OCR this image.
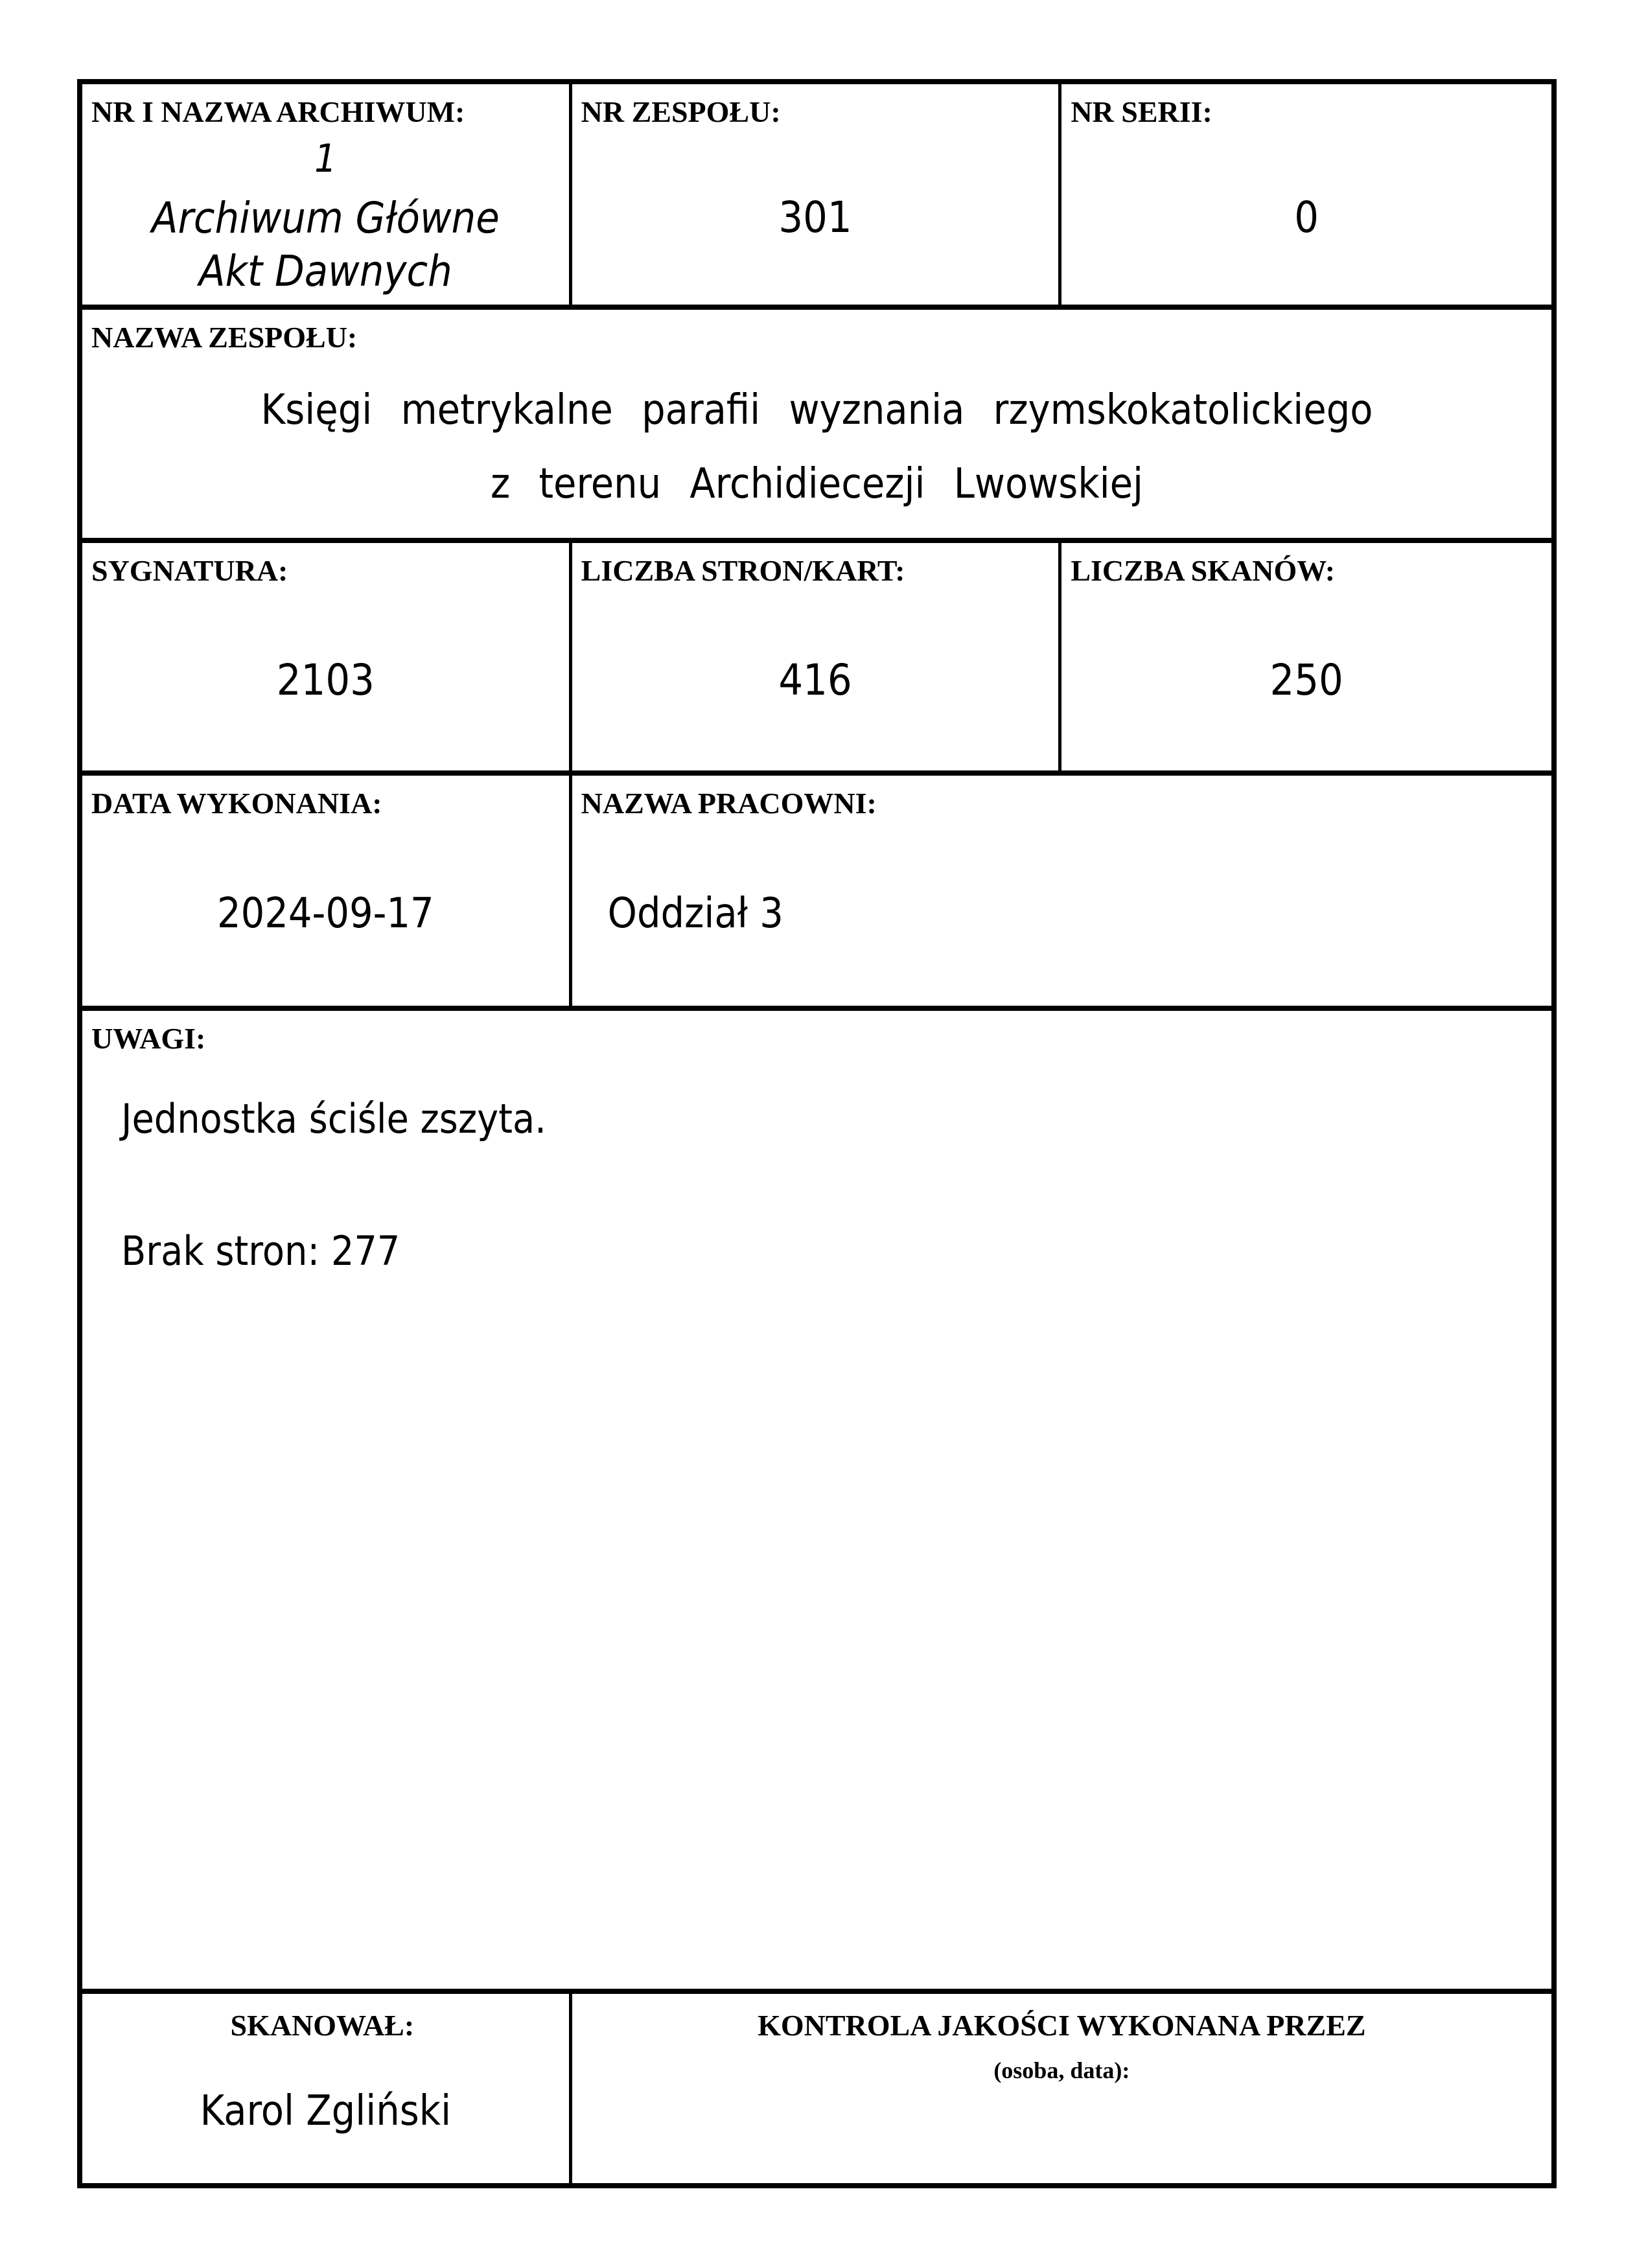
NR I NAZWA ARCHIWUM:
1
Archiwum Główne
Akt Dawnych
NR ZESPOŁU:
301
NR SERII:
0
NAZWA ZESPOŁU:
Księgi metrykalne parafii wyznania rzymskokatolickiego
z terenu Archidiecezji Lwowskiej
SYGNATURA:
2103
LICZBA STRON/KART:
416
LICZBA SKANÓW:
250
DATA WYKONANIA:
2024-09-17
NAZWA PRACOWNI:
Oddział 3
UWAGI:
Jednostka ściśle zszyta.
Brak stron: 277
SKANOWAŁ:
Karol Zgliński
KONTROLA JAKOŚCI WYKONANA PRZEZ
(osoba, data):
